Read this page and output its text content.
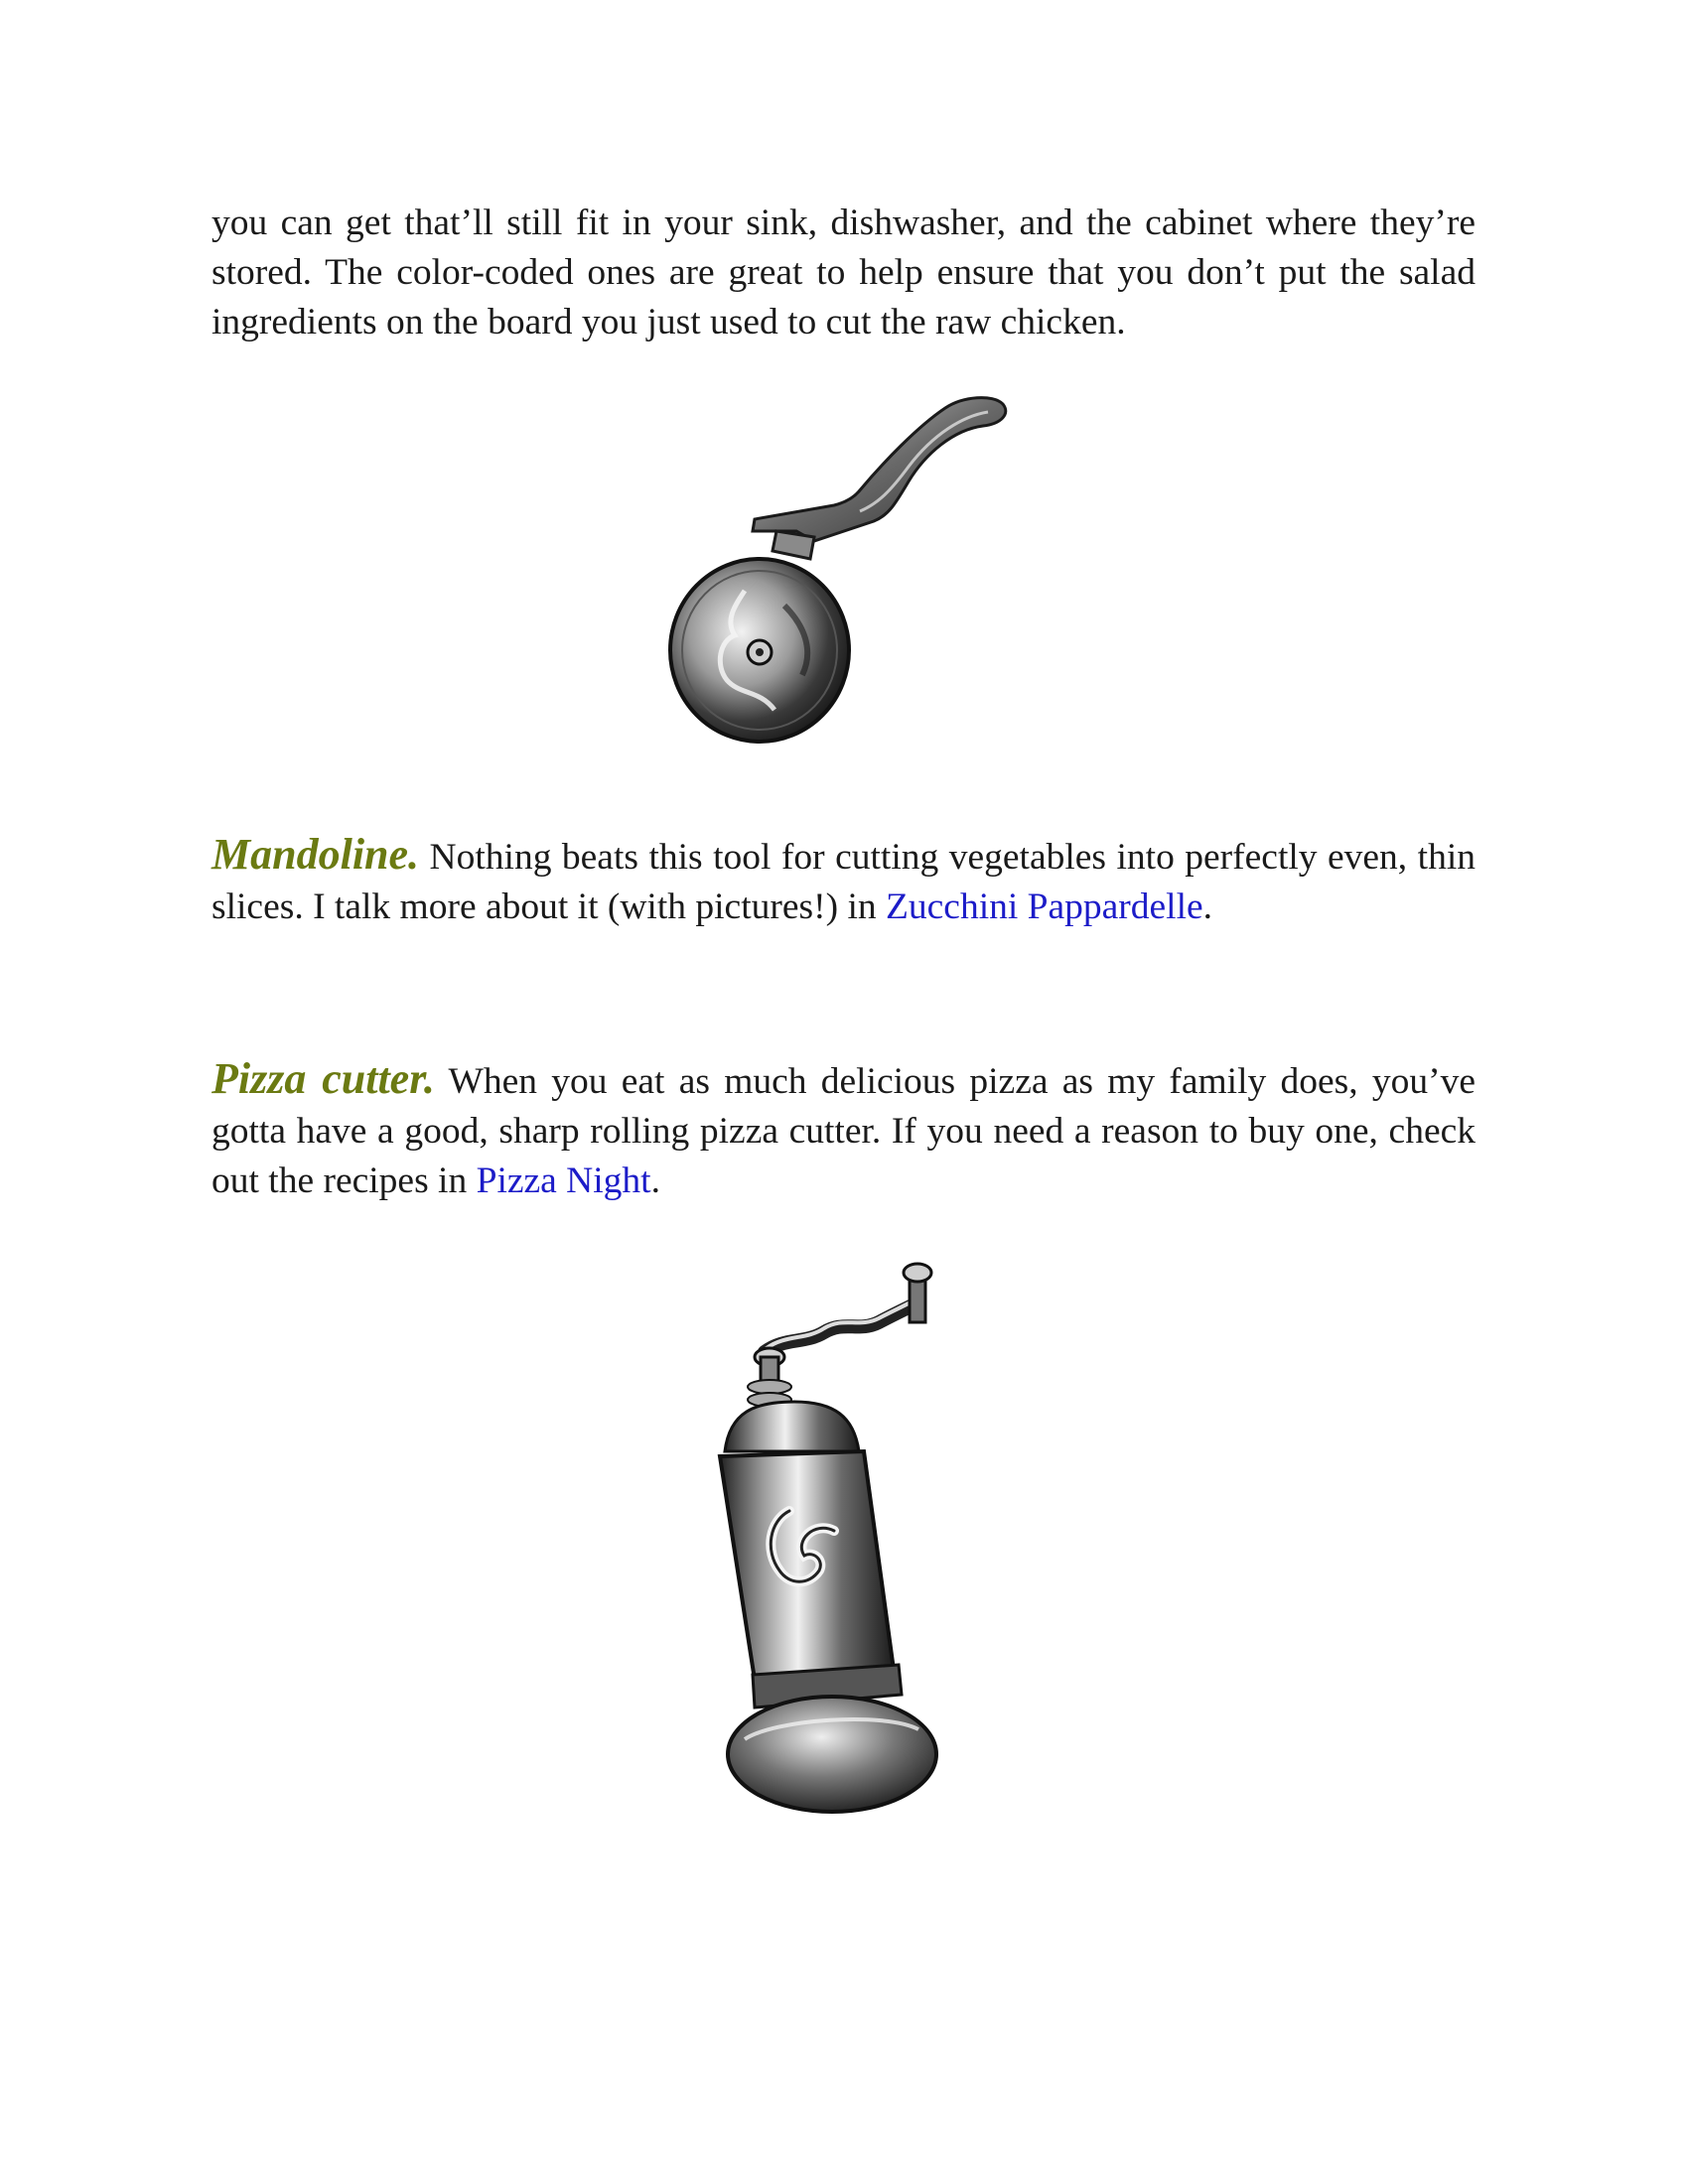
you can get that’ll still fit in your sink, dishwasher, and the cabinet where they’re stored. The color-coded ones are great to help ensure that you don’t put the salad ingredients on the board you just used to cut the raw chicken.

Mandoline. Nothing beats this tool for cutting vegetables into perfectly even, thin slices. I talk more about it (with pictures!) in Zucchini Pappardelle.

Pizza cutter. When you eat as much delicious pizza as my family does, you’ve gotta have a good, sharp rolling pizza cutter. If you need a reason to buy one, check out the recipes in Pizza Night.
